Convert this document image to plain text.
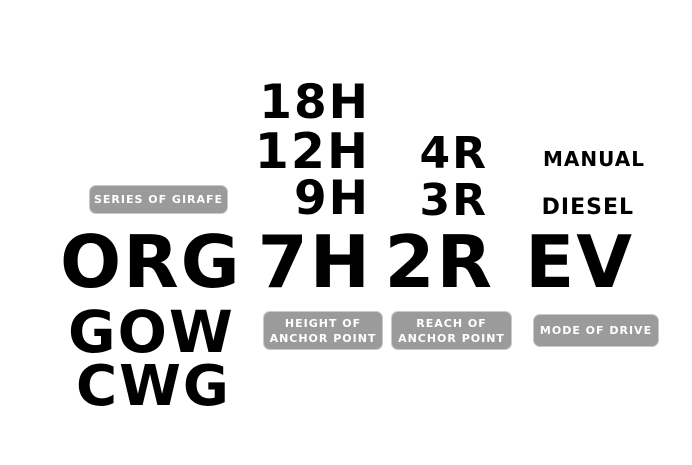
SERIES OF GIRAFE
ORG
GOW
CWG
18H
12H
9H
7H
HEIGHT OF
ANCHOR POINT
4R
3R
2R
REACH OF
ANCHOR POINT
MANUAL
DIESEL
EV
MODE OF DRIVE
